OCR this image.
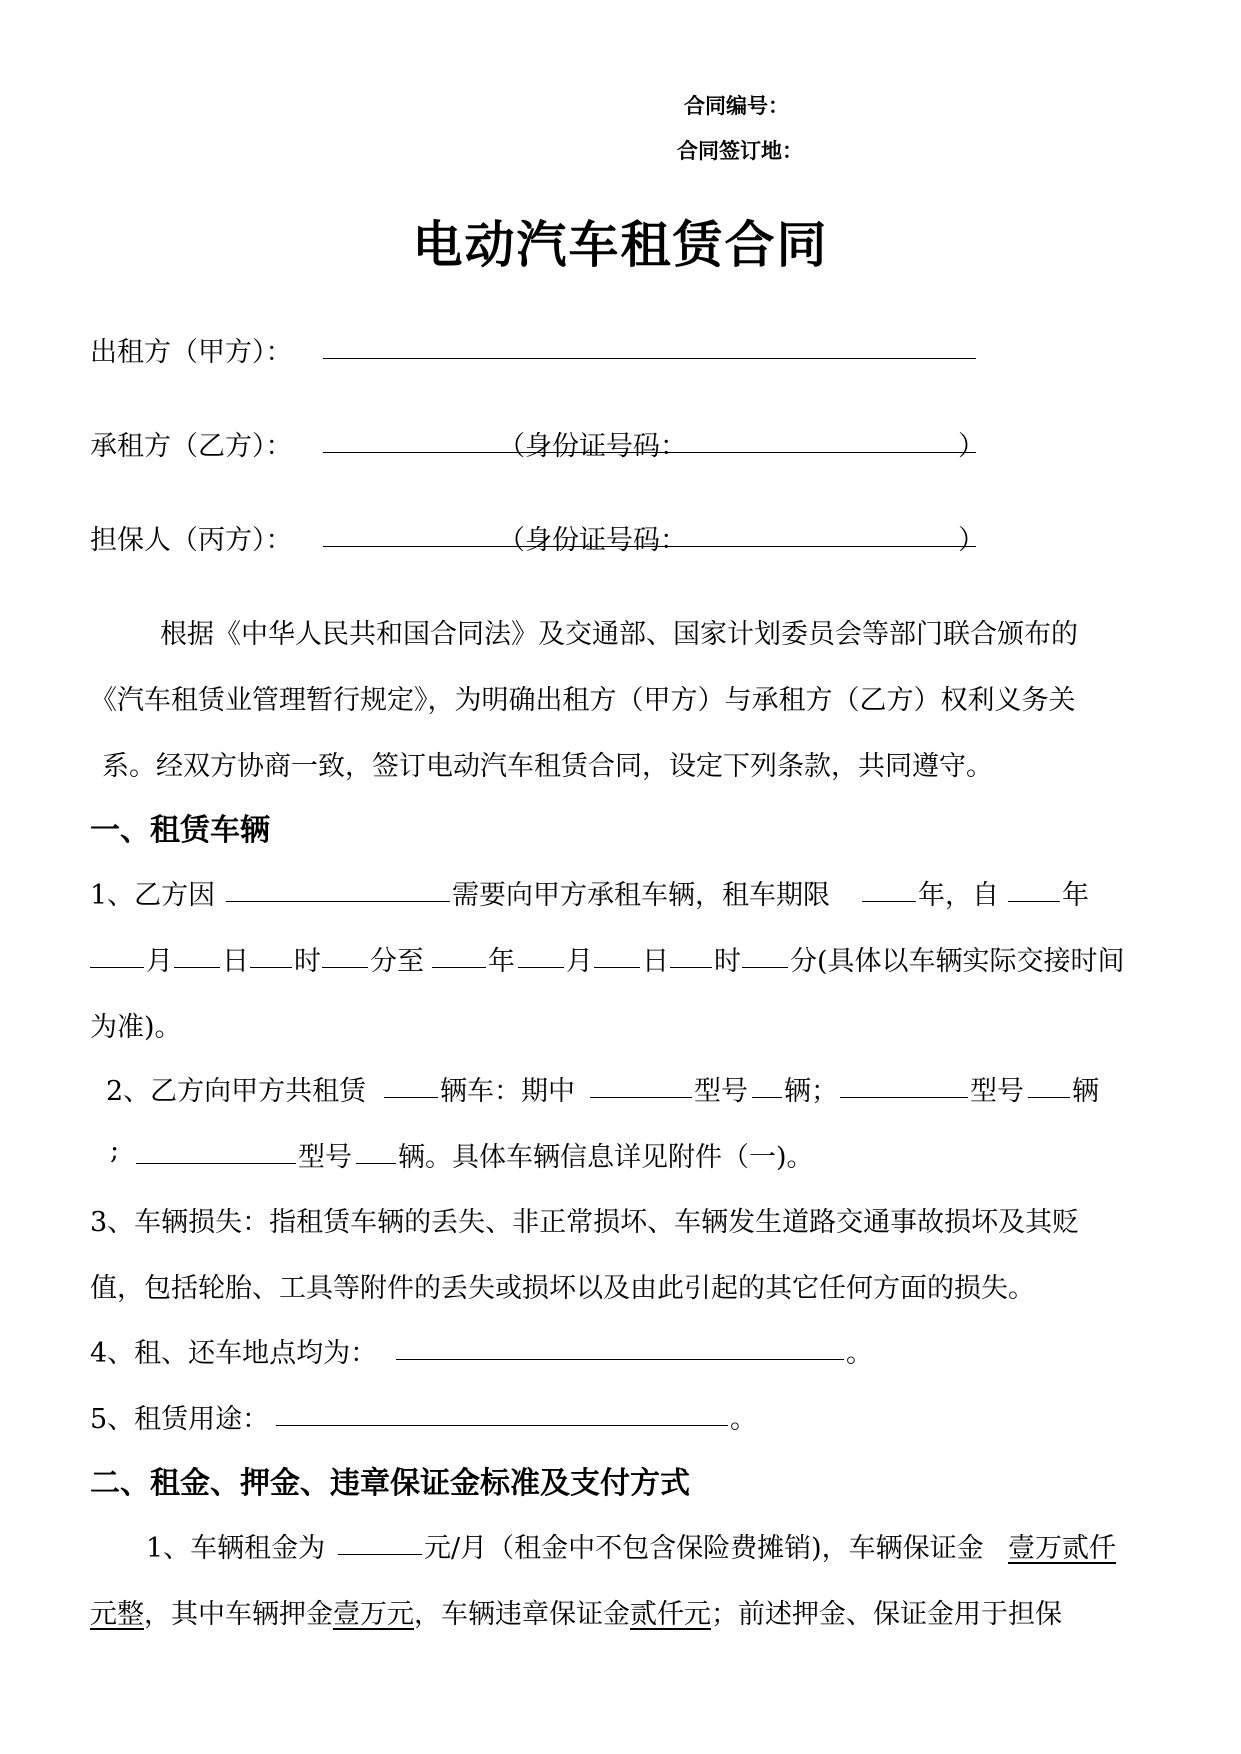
合同编号：
合同签订地：
电动汽车租赁合同
出租方（甲方）：
承租方（乙方）：	（身份证号码：	）
担保人（丙方）：	（身份证号码：	）
根据《中华人民共和国合同法》及交通部、国家计划委员会等部门联合颁布的
《汽车租赁业管理暂行规定》，为明确出租方（甲方）与承租方（乙方）权利义务关
系。经双方协商一致，签订电动汽车租赁合同，设定下列条款，共同遵守。
一、租赁车辆
1、乙方因	需要向甲方承租车辆，租车期限	年，自 年
月 日 时 分至 年 月 日 时 分(具体以车辆实际交接时间
为准)。
2、乙方向甲方共租赁	辆车：期中	型号 辆；	型号 辆
;	型号 辆。具体车辆信息详见附件（一)。
3、车辆损失：指租赁车辆的丢失、非正常损坏、车辆发生道路交通事故损坏及其贬
值，包括轮胎、工具等附件的丢失或损坏以及由此引起的其它任何方面的损失。
4、租、还车地点均为：	。
5、租赁用途：	。
二、租金、押金、违章保证金标准及支付方式
1、车辆租金为	元/月（租金中不包含保险费摊销)，车辆保证金 壹万贰仟
元整，其中车辆押金壹万元，车辆违章保证金贰仟元；前述押金、保证金用于担保
